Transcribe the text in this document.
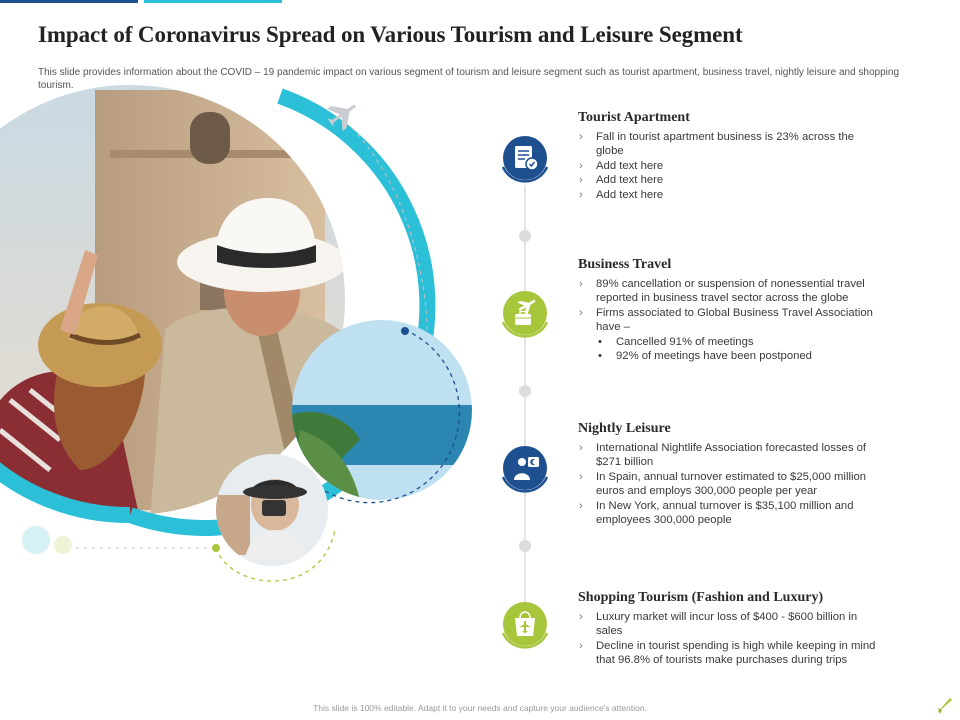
Impact of Coronavirus Spread on Various Tourism and Leisure Segment

This slide provides information about the COVID – 19 pandemic impact on various segment of tourism and leisure segment such as tourist apartment, business travel, nightly leisure and shopping tourism.

Tourist Apartment
› Fall in tourist apartment business is 23% across the globe
› Add text here
› Add text here
› Add text here
Business Travel
› 89% cancellation or suspension of nonessential travel reported in business travel sector across the globe
› Firms associated to Global Business Travel Association have –
• Cancelled 91% of meetings
• 92% of meetings have been postponed
Nightly Leisure
› International Nightlife Association forecasted losses of $271 billion
› In Spain, annual turnover estimated to $25,000 million euros and employs 300,000 people per year
› In New York, annual turnover is $35,100 million and employees 300,000 people
Shopping Tourism (Fashion and Luxury)
› Luxury market will incur loss of $400 - $600 billion in sales
› Decline in tourist spending is high while keeping in mind that 96.8% of tourists make purchases during trips

This slide is 100% editable. Adapt it to your needs and capture your audience's attention.
